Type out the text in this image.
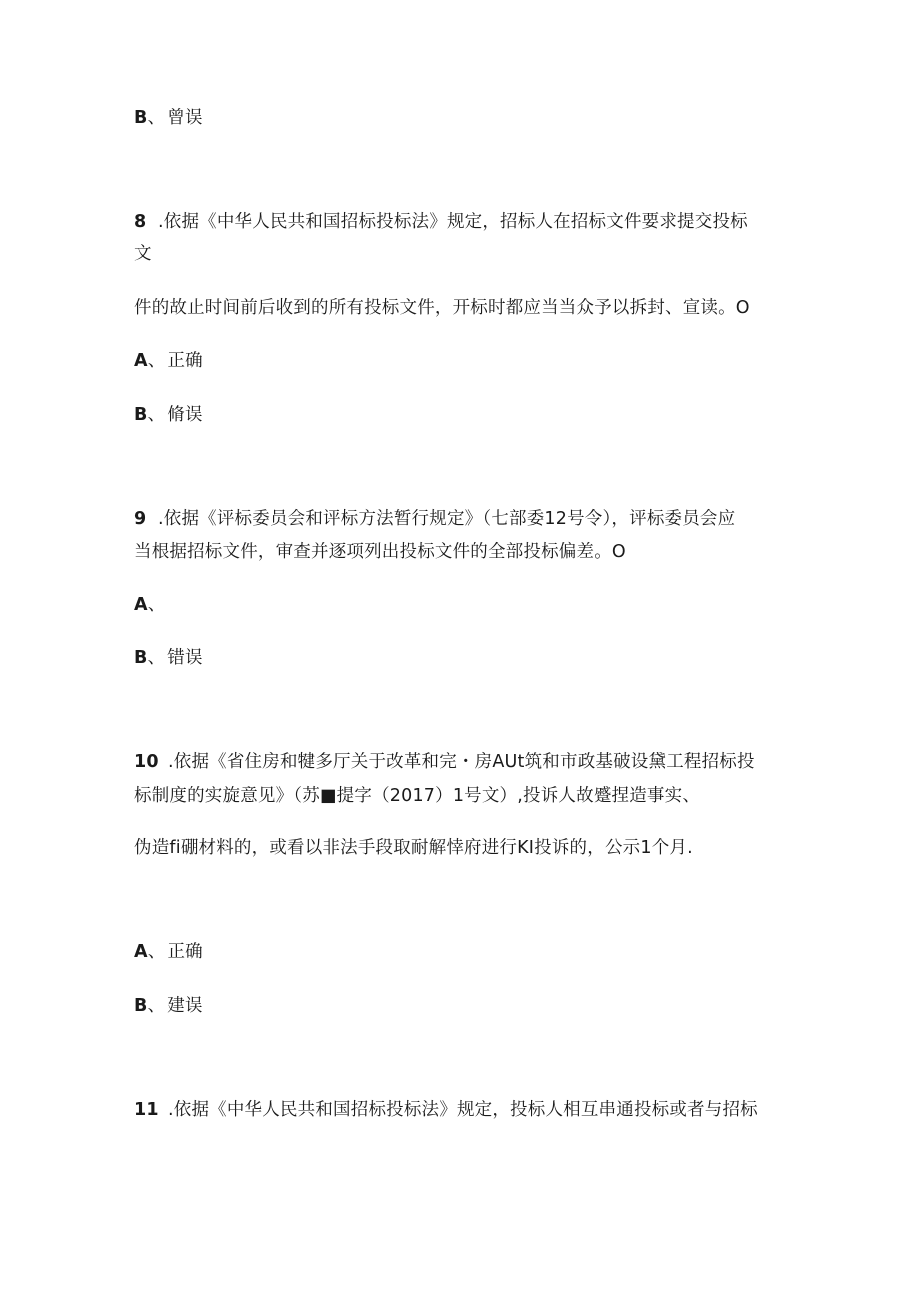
B、 曾误
8 .依据《中华人民共和国招标投标法》规定，招标人在招标文件要求提交投标
文
件的故止时间前后收到的所有投标文件，开标时都应当当众予以拆封、宣读。O
A、 正确
B、 脩误
9 .依据《评标委员会和评标方法暂行规定》（七部委12号令），评标委员会应
当根据招标文件，审查并逐项列出投标文件的全部投标偏差。O
A、
B、 错误
10 .依据《省住房和犍多厅关于改革和完・房AUt筑和市政基破设黛工程招标投
标制度的实旋意见》（苏■提字（2017）1号文）,投诉人故蹙捏造事实、
伪造fi硼材料的，或看以非法手段取耐解悻府进行KI投诉的，公示1个月.
A、 正确
B、 建误
11 .依据《中华人民共和国招标投标法》规定，投标人相互串通投标或者与招标
